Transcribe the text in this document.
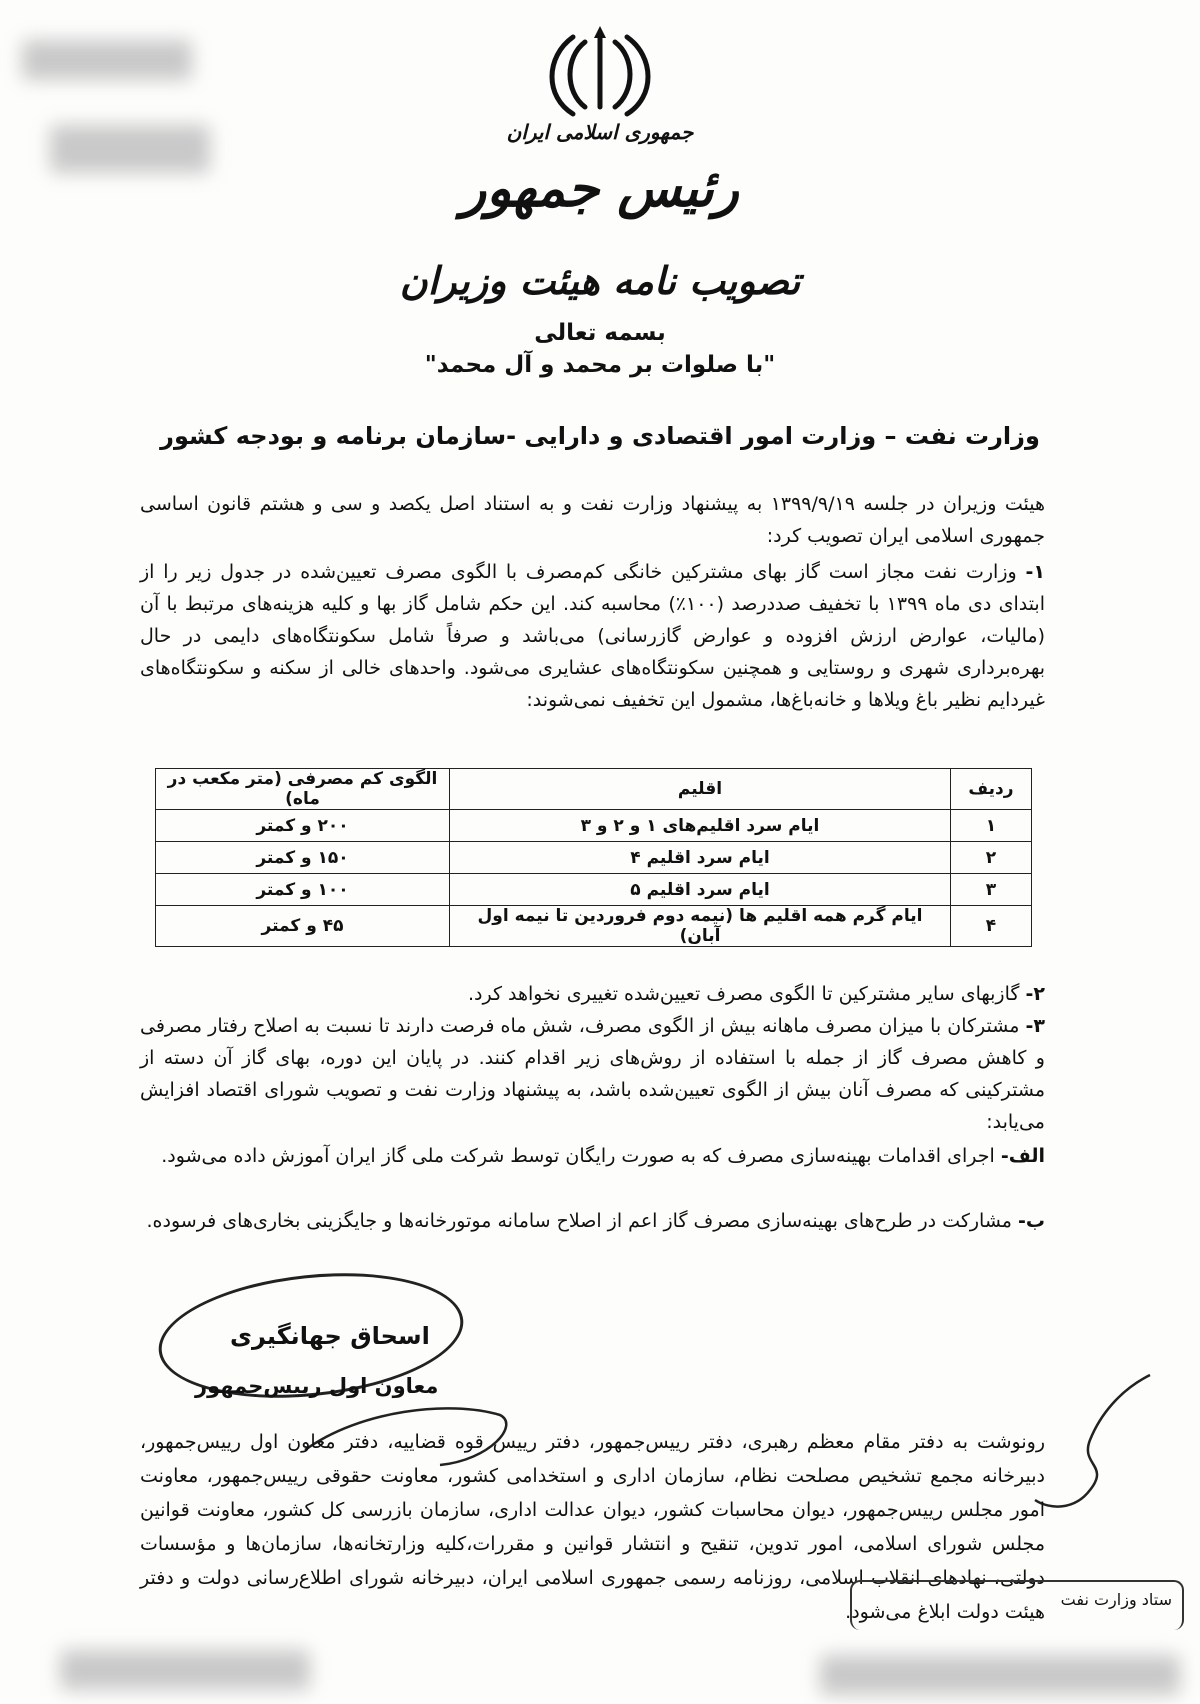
جمهوری اسلامی ایران
رئیس جمهور
تصویب نامه هیئت وزیران
بسمه تعالی
"با صلوات بر محمد و آل محمد"
وزارت نفت – وزارت امور اقتصادی و دارایی -سازمان برنامه و بودجه کشور
هیئت وزیران در جلسه ۱۳۹۹/۹/۱۹ به پیشنهاد وزارت نفت و به استناد اصل یکصد و سی و هشتم قانون اساسی جمهوری اسلامی ایران تصویب کرد:
۱- وزارت نفت مجاز است گاز بهای مشترکین خانگی کم‌مصرف با الگوی مصرف تعیین‌شده در جدول زیر را از ابتدای دی ماه ۱۳۹۹ با تخفیف صددرصد (۱۰۰٪) محاسبه کند. این حکم شامل گاز بها و کلیه هزینه‌های مرتبط با آن (مالیات، عوارض ارزش افزوده و عوارض گازرسانی) می‌باشد و صرفاً شامل سکونتگاه‌های دایمی در حال بهره‌برداری شهری و روستایی و همچنین سکونتگاه‌های عشایری می‌شود. واحدهای خالی از سکنه و سکونتگاه‌های غیردایم نظیر باغ ویلاها و خانه‌باغ‌ها، مشمول این تخفیف نمی‌شوند:
ردیف	اقلیم	الگوی کم مصرفی (متر مکعب در ماه)
۱	ایام سرد اقلیم‌های ۱ و ۲ و ۳	۲۰۰ و کمتر
۲	ایام سرد اقلیم ۴	۱۵۰ و کمتر
۳	ایام سرد اقلیم ۵	۱۰۰ و کمتر
۴	ایام گرم همه اقلیم ها (نیمه دوم فروردین تا نیمه اول آبان)	۴۵ و کمتر
۲- گازبهای سایر مشترکین تا الگوی مصرف تعیین‌شده تغییری نخواهد کرد.
۳- مشترکان با میزان مصرف ماهانه بیش از الگوی مصرف، شش ماه فرصت دارند تا نسبت به اصلاح رفتار مصرفی و کاهش مصرف گاز از جمله با استفاده از روش‌های زیر اقدام کنند. در پایان این دوره، بهای گاز آن دسته از مشترکینی که مصرف آنان بیش از الگوی تعیین‌شده باشد، به پیشنهاد وزارت نفت و تصویب شورای اقتصاد افزایش می‌یابد:
الف- اجرای اقدامات بهینه‌سازی مصرف که به صورت رایگان توسط شرکت ملی گاز ایران آموزش داده می‌شود.
ب- مشارکت در طرح‌های بهینه‌سازی مصرف گاز اعم از اصلاح سامانه موتورخانه‌ها و جایگزینی بخاری‌های فرسوده.
اسحاق جهانگیری
معاون اول رییس‌جمهور
رونوشت به دفتر مقام معظم رهبری، دفتر رییس‌جمهور، دفتر رییس قوه قضاییه، دفتر معاون اول رییس‌جمهور، دبیرخانه مجمع تشخیص مصلحت نظام، سازمان اداری و استخدامی کشور، معاونت حقوقی رییس‌جمهور، معاونت امور مجلس رییس‌جمهور، دیوان محاسبات کشور، دیوان عدالت اداری، سازمان بازرسی کل کشور، معاونت قوانین مجلس شورای اسلامی، امور تدوین، تنقیح و انتشار قوانین و مقررات،کلیه وزارتخانه‌ها، سازمان‌ها و مؤسسات دولتی، نهادهای انقلاب اسلامی، روزنامه رسمی جمهوری اسلامی ایران، دبیرخانه شورای اطلاع‌رسانی دولت و دفتر هیئت دولت ابلاغ می‌شود.
ستاد وزارت نفت
